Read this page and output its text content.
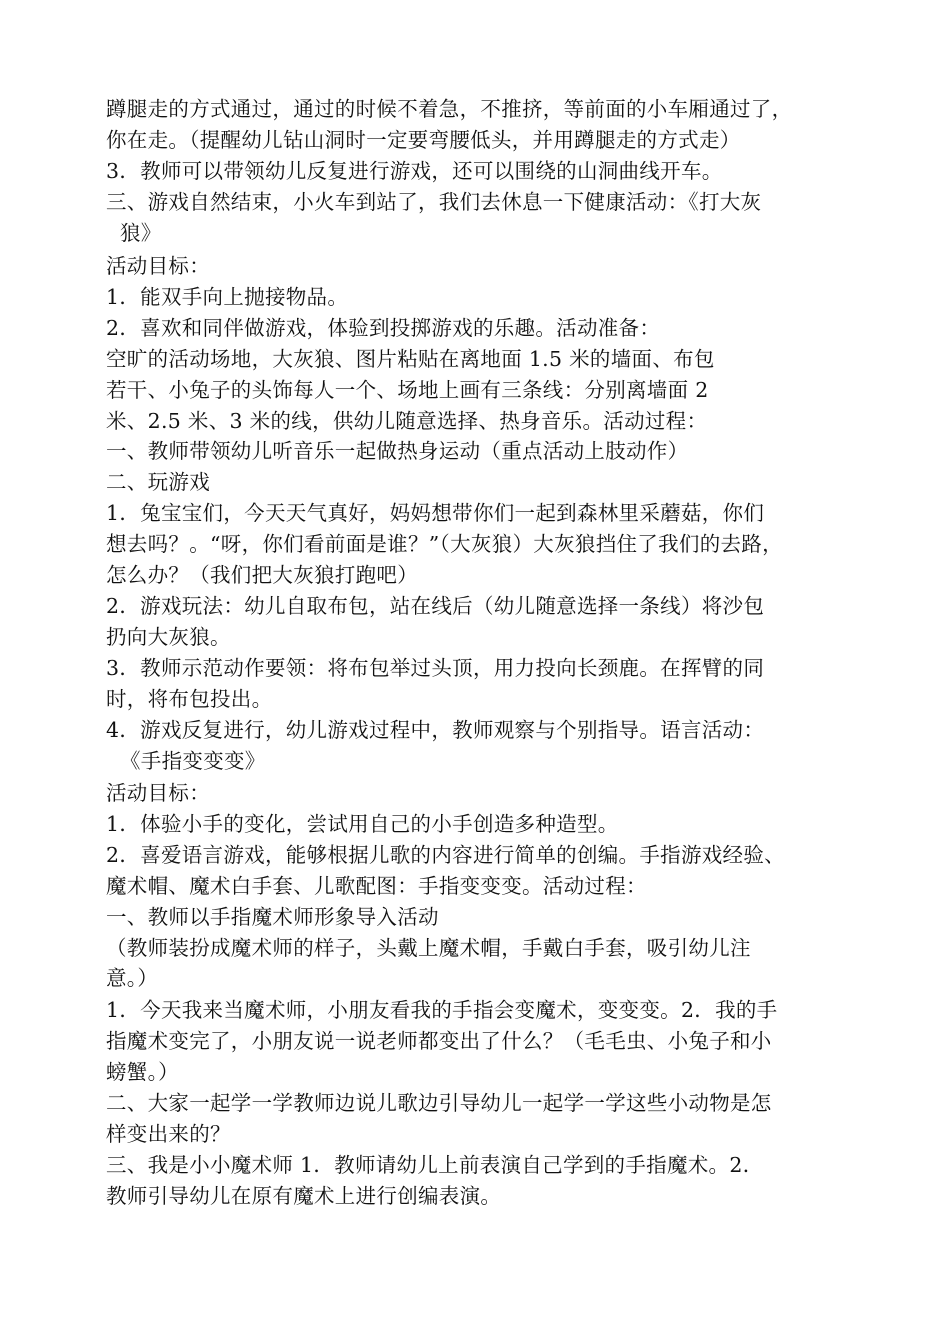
蹲腿走的方式通过，通过的时候不着急，不推挤，等前面的小车厢通过了，
你在走。（提醒幼儿钻山洞时一定要弯腰低头，并用蹲腿走的方式走）
3．教师可以带领幼儿反复进行游戏，还可以围绕的山洞曲线开车。
三、游戏自然结束，小火车到站了，我们去休息一下健康活动：《打大灰
狼》
活动目标：
1．能双手向上抛接物品。
2．喜欢和同伴做游戏，体验到投掷游戏的乐趣。活动准备：
空旷的活动场地，大灰狼、图片粘贴在离地面 1.5 米的墙面、布包
若干、小兔子的头饰每人一个、场地上画有三条线：分别离墙面 2
米、2.5 米、3 米的线，供幼儿随意选择、热身音乐。活动过程：
一、教师带领幼儿听音乐一起做热身运动（重点活动上肢动作）
二、玩游戏
1．兔宝宝们，今天天气真好，妈妈想带你们一起到森林里采蘑菇，你们
想去吗？。“呀，你们看前面是谁？”（大灰狼）大灰狼挡住了我们的去路，
怎么办？（我们把大灰狼打跑吧）
2．游戏玩法：幼儿自取布包，站在线后（幼儿随意选择一条线）将沙包
扔向大灰狼。
3．教师示范动作要领：将布包举过头顶，用力投向长颈鹿。在挥臂的同
时，将布包投出。
4．游戏反复进行，幼儿游戏过程中，教师观察与个别指导。语言活动：
《手指变变变》
活动目标：
1．体验小手的变化，尝试用自己的小手创造多种造型。
2．喜爱语言游戏，能够根据儿歌的内容进行简单的创编。手指游戏经验、
魔术帽、魔术白手套、儿歌配图：手指变变变。活动过程：
一、教师以手指魔术师形象导入活动
（教师装扮成魔术师的样子，头戴上魔术帽，手戴白手套，吸引幼儿注
意。）
1．今天我来当魔术师，小朋友看我的手指会变魔术，变变变。2．我的手
指魔术变完了，小朋友说一说老师都变出了什么？（毛毛虫、小兔子和小
螃蟹。）
二、大家一起学一学教师边说儿歌边引导幼儿一起学一学这些小动物是怎
样变出来的？
三、我是小小魔术师 1．教师请幼儿上前表演自己学到的手指魔术。2．
教师引导幼儿在原有魔术上进行创编表演。
